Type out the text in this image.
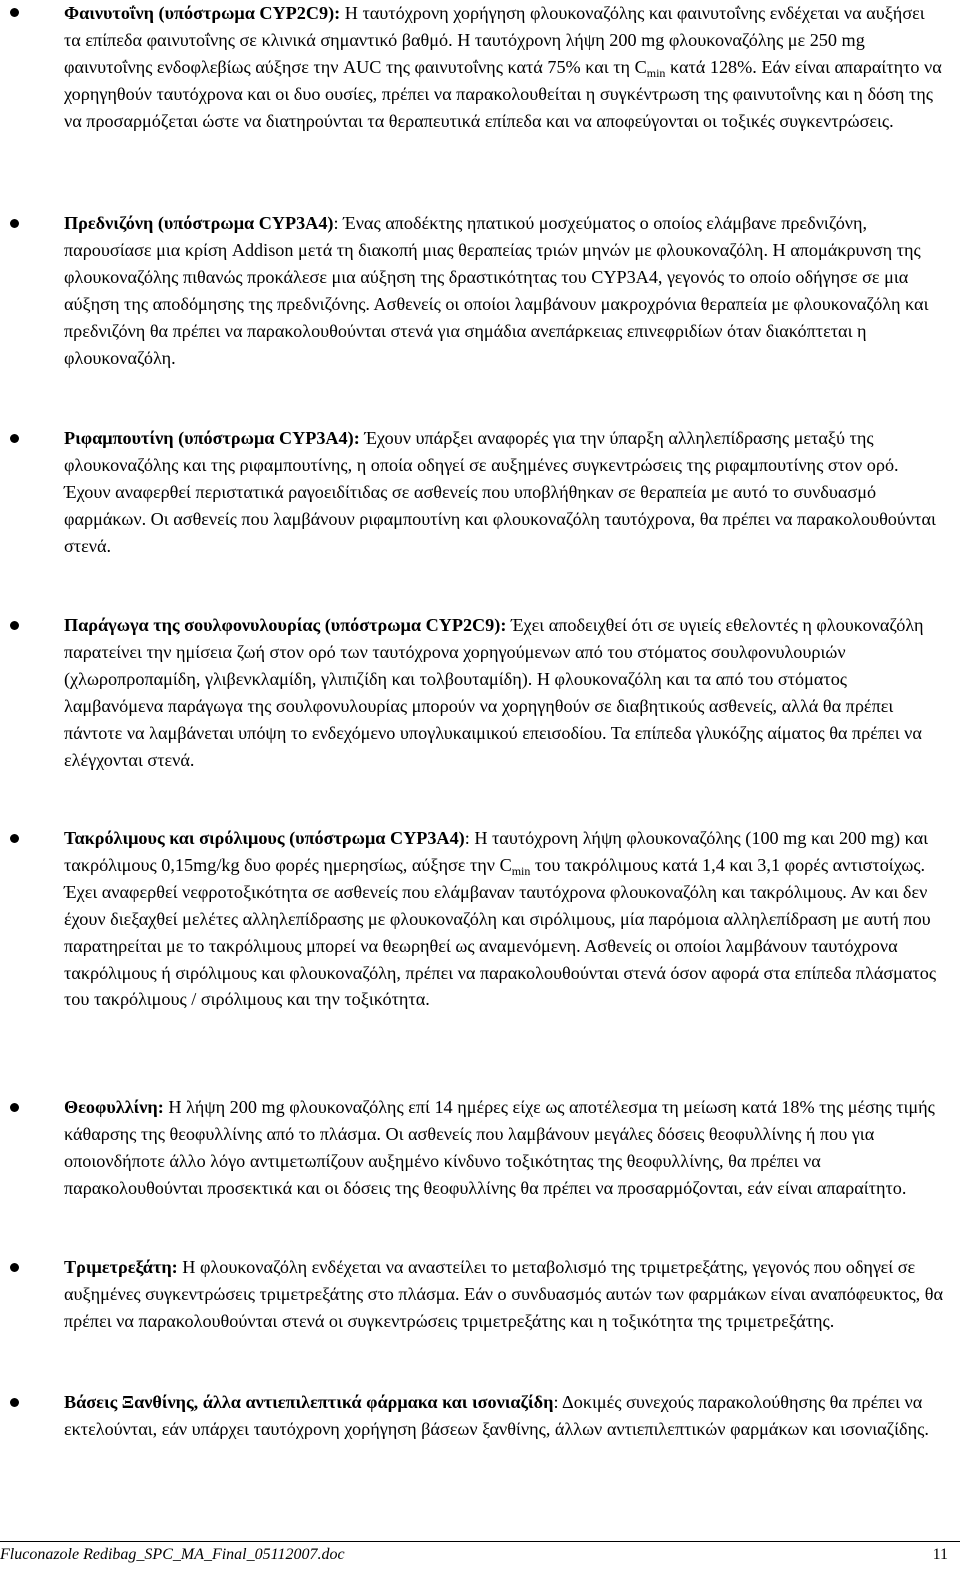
Φαινυτοΐνη (υπόστρωμα CYP2C9): Η ταυτόχρονη χορήγηση φλουκοναζόλης και φαινυτοΐνης ενδέχεται να αυξήσει τα επίπεδα φαινυτοΐνης σε κλινικά σημαντικό βαθμό. Η ταυτόχρονη λήψη 200 mg φλουκοναζόλης με 250 mg φαινυτοΐνης ενδοφλεβίως αύξησε την AUC της φαινυτοΐνης κατά 75% και τη $C_{min}$ κατά 128%. Εάν είναι απαραίτητο να χορηγηθούν ταυτόχρονα και οι δυο ουσίες, πρέπει να παρακολουθείται η συγκέντρωση της φαινυτοΐνης και η δόση της να προσαρμόζεται ώστε να διατηρούνται τα θεραπευτικά επίπεδα και να αποφεύγονται οι τοξικές συγκεντρώσεις.

Πρεδνιζόνη (υπόστρωμα CYP3A4): Ένας αποδέκτης ηπατικού μοσχεύματος ο οποίος ελάμβανε πρεδνιζόνη, παρουσίασε μια κρίση Addison μετά τη διακοπή μιας θεραπείας τριών μηνών με φλουκοναζόλη. Η απομάκρυνση της φλουκοναζόλης πιθανώς προκάλεσε μια αύξηση της δραστικότητας του CYP3A4, γεγονός το οποίο οδήγησε σε μια αύξηση της αποδόμησης της πρεδνιζόνης. Ασθενείς οι οποίοι λαμβάνουν μακροχρόνια θεραπεία με φλουκοναζόλη και πρεδνιζόνη θα πρέπει να παρακολουθούνται στενά για σημάδια ανεπάρκειας επινεφριδίων όταν διακόπτεται η φλουκοναζόλη.

Ριφαμπουτίνη (υπόστρωμα CYP3A4): Έχουν υπάρξει αναφορές για την ύπαρξη αλληλεπίδρασης μεταξύ της φλουκοναζόλης και της ριφαμπουτίνης, η οποία οδηγεί σε αυξημένες συγκεντρώσεις της ριφαμπουτίνης στον ορό. Έχουν αναφερθεί περιστατικά ραγοειδίτιδας σε ασθενείς που υποβλήθηκαν σε θεραπεία με αυτό το συνδυασμό φαρμάκων. Οι ασθενείς που λαμβάνουν ριφαμπουτίνη και φλουκοναζόλη ταυτόχρονα, θα πρέπει να παρακολουθούνται στενά.

Παράγωγα της σουλφονυλουρίας (υπόστρωμα CYP2C9): Έχει αποδειχθεί ότι σε υγιείς εθελοντές η φλουκοναζόλη παρατείνει την ημίσεια ζωή στον ορό των ταυτόχρονα χορηγούμενων από του στόματος σουλφονυλουριών (χλωροπροπαμίδη, γλιβενκλαμίδη, γλιπιζίδη και τολβουταμίδη). Η φλουκοναζόλη και τα από του στόματος λαμβανόμενα παράγωγα της σουλφονυλουρίας μπορούν να χορηγηθούν σε διαβητικούς ασθενείς, αλλά θα πρέπει πάντοτε να λαμβάνεται υπόψη το ενδεχόμενο υπογλυκαιμικού επεισοδίου. Τα επίπεδα γλυκόζης αίματος θα πρέπει να ελέγχονται στενά.

Τακρόλιμους και σιρόλιμους (υπόστρωμα CYP3A4): Η ταυτόχρονη λήψη φλουκοναζόλης (100 mg και 200 mg) και τακρόλιμους 0,15mg/kg δυο φορές ημερησίως, αύξησε την $C_{min}$ του τακρόλιμους κατά 1,4 και 3,1 φορές αντιστοίχως. Έχει αναφερθεί νεφροτοξικότητα σε ασθενείς που ελάμβαναν ταυτόχρονα φλουκοναζόλη και τακρόλιμους. Αν και δεν έχουν διεξαχθεί μελέτες αλληλεπίδρασης με φλουκοναζόλη και σιρόλιμους, μία παρόμοια αλληλεπίδραση με αυτή που παρατηρείται με το τακρόλιμους μπορεί να θεωρηθεί ως αναμενόμενη. Ασθενείς οι οποίοι λαμβάνουν ταυτόχρονα τακρόλιμους ή σιρόλιμους και φλουκοναζόλη, πρέπει να παρακολουθούνται στενά όσον αφορά στα επίπεδα πλάσματος του τακρόλιμους / σιρόλιμους και την τοξικότητα.

Θεοφυλλίνη: Η λήψη 200 mg φλουκοναζόλης επί 14 ημέρες είχε ως αποτέλεσμα τη μείωση κατά 18% της μέσης τιμής κάθαρσης της θεοφυλλίνης από το πλάσμα. Οι ασθενείς που λαμβάνουν μεγάλες δόσεις θεοφυλλίνης ή που για οποιονδήποτε άλλο λόγο αντιμετωπίζουν αυξημένο κίνδυνο τοξικότητας της θεοφυλλίνης, θα πρέπει να παρακολουθούνται προσεκτικά και οι δόσεις της θεοφυλλίνης θα πρέπει να προσαρμόζονται, εάν είναι απαραίτητο.

Τριμετρεξάτη: Η φλουκοναζόλη ενδέχεται να αναστείλει το μεταβολισμό της τριμετρεξάτης, γεγονός που οδηγεί σε αυξημένες συγκεντρώσεις τριμετρεξάτης στο πλάσμα. Εάν ο συνδυασμός αυτών των φαρμάκων είναι αναπόφευκτος, θα πρέπει να παρακολουθούνται στενά οι συγκεντρώσεις τριμετρεξάτης και η τοξικότητα της τριμετρεξάτης.

Βάσεις Ξανθίνης, άλλα αντιεπιλεπτικά φάρμακα και ισονιαζίδη: Δοκιμές συνεχούς παρακολούθησης θα πρέπει να εκτελούνται, εάν υπάρχει ταυτόχρονη χορήγηση βάσεων ξανθίνης, άλλων αντιεπιλεπτικών φαρμάκων και ισονιαζίδης.

Fluconazole Redibag_SPC_MA_Final_05112007.doc	11
